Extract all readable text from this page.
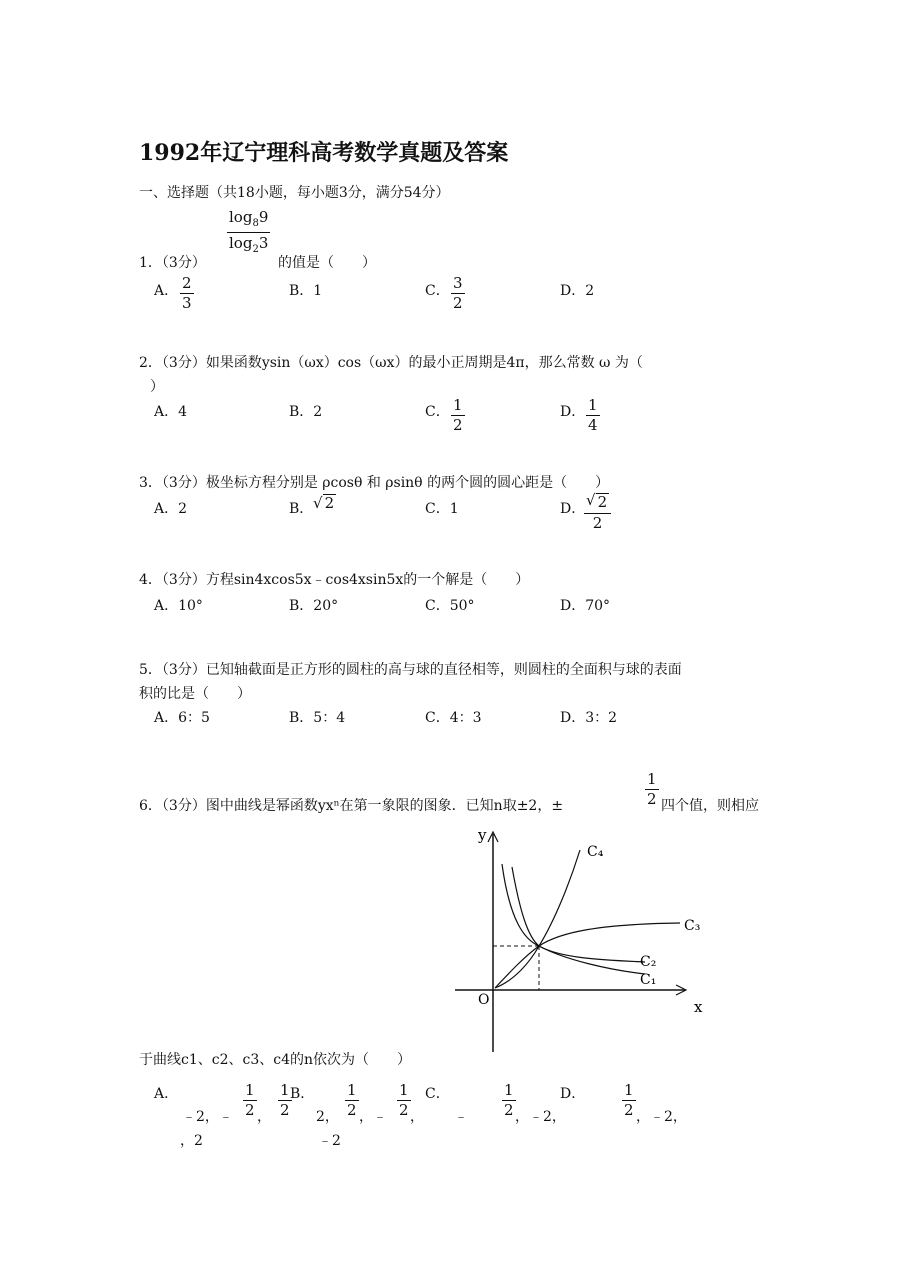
1992年辽宁理科高考数学真题及答案
一、选择题（共18小题，每小题3分，满分54分）
$\frac{\log_89}{\log_23}$
1．（3分）	的值是（　　）
A． $\frac{2}{3}$	B．1	C． $\frac{3}{2}$	D．2
2．（3分）如果函数ysin（ωx）cos（ωx）的最小正周期是4π，那么常数 ω 为（
）
A．4	B．2	C． $\frac{1}{2}$	D． $\frac{1}{4}$
3．（3分）极坐标方程分别是 ρcosθ 和 ρsinθ 的两个圆的圆心距是（　　）
A．2	B． √ 2	C．1	D．
$\frac{√ 2}{2}$
4．（3分）方程sin4xcos5x﹣cos4xsin5x的一个解是（　　）
A．10°	B．20°	C．50°	D．70°
5．（3分）已知轴截面是正方形的圆柱的高与球的直径相等，则圆柱的全面积与球的表面
积的比是（　　）
A．6：5	B．5：4	C．4：3	D．3：2
6．（3分）图中曲线是幂函数yxⁿ在第一象限的图象．已知n取±2，±	$\frac{1}{2}$ 四个值，则相应
y
x
O
C₄
C₃
C₂
C₁
于曲线c1、c2、c3、c4的n依次为（　　）
A．
﹣2，﹣ $\frac{1}{2}$ ， $\frac{1}{2}$
，2
B．
2， $\frac{1}{2}$ ，﹣ $\frac{1}{2}$ ，
﹣2
C．
﹣ $\frac{1}{2}$ ，﹣2，
D． $\frac{1}{2}$ ，﹣2，
